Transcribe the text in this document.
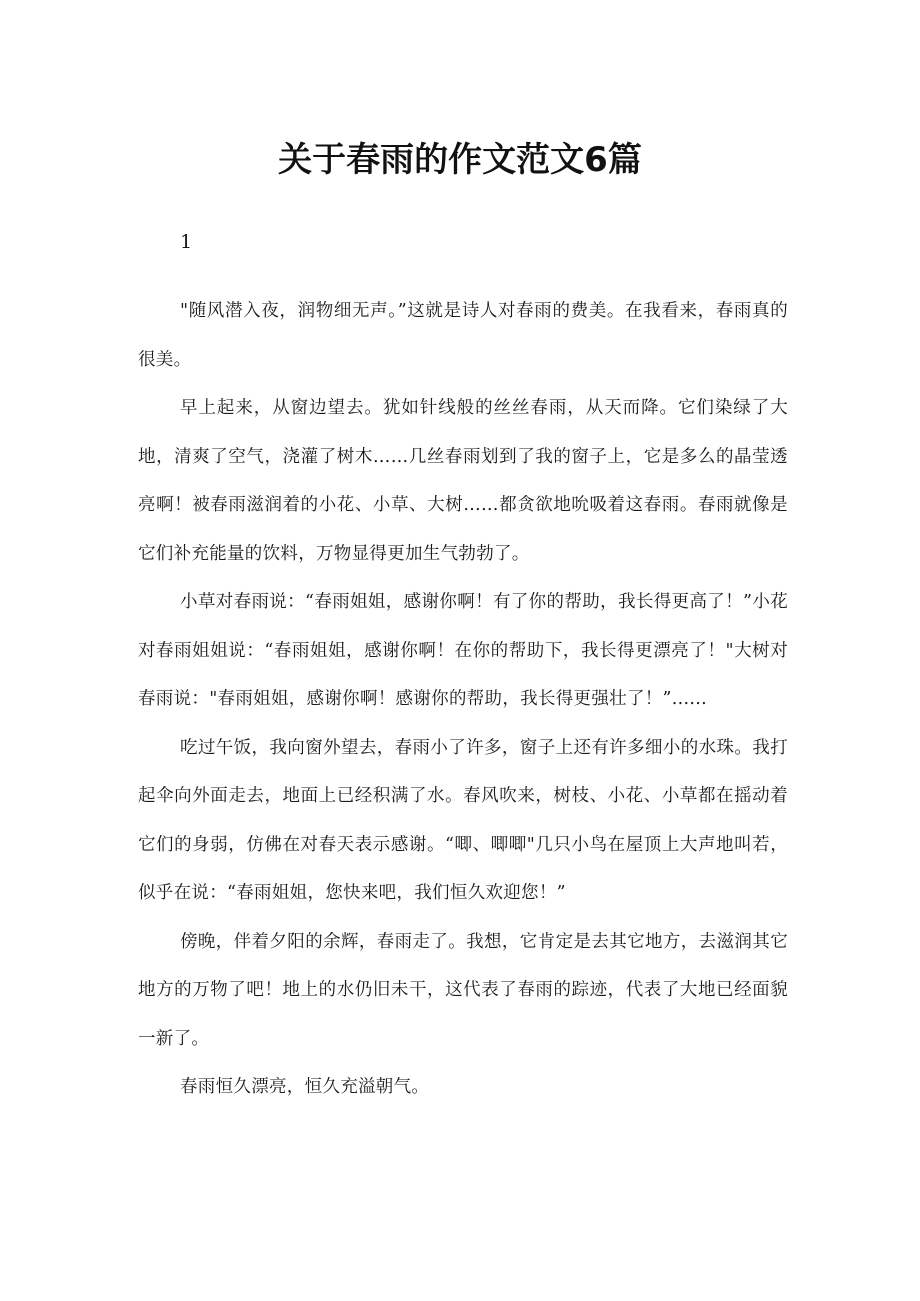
关于春雨的作文范文6篇
1

"随风潜入夜，润物细无声。”这就是诗人对春雨的费美。在我看来，春雨真的很美。

早上起来，从窗边望去。犹如针线般的丝丝春雨，从天而降。它们染绿了大地，清爽了空气，浇灌了树木……几丝春雨划到了我的窗子上，它是多么的晶莹透亮啊！被春雨滋润着的小花、小草、大树……都贪欲地吮吸着这春雨。春雨就像是它们补充能量的饮料，万物显得更加生气勃勃了。

小草对春雨说：“春雨姐姐，感谢你啊！有了你的帮助，我长得更高了！”小花对春雨姐姐说：“春雨姐姐，感谢你啊！在你的帮助下，我长得更漂亮了！"大树对春雨说："春雨姐姐，感谢你啊！感谢你的帮助，我长得更强壮了！”......

吃过午饭，我向窗外望去，春雨小了许多，窗子上还有许多细小的水珠。我打起伞向外面走去，地面上已经积满了水。春风吹来，树枝、小花、小草都在摇动着它们的身弱，仿佛在对春天表示感谢。“唧、唧唧"几只小鸟在屋顶上大声地叫若，似乎在说：“春雨姐姐，您快来吧，我们恒久欢迎您！”

傍晚，伴着夕阳的余辉，春雨走了。我想，它肯定是去其它地方，去滋润其它地方的万物了吧！地上的水仍旧未干，这代表了春雨的踪迹，代表了大地已经面貌一新了。

春雨恒久漂亮，恒久充溢朝气。
